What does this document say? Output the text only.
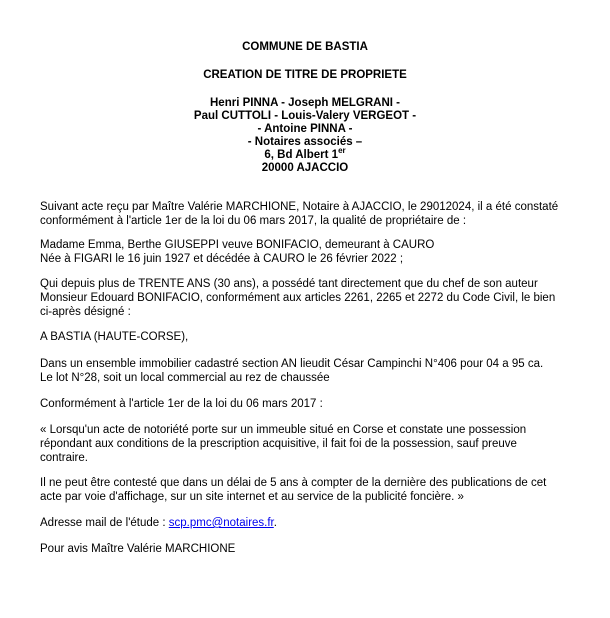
COMMUNE DE BASTIA
CREATION DE TITRE DE PROPRIETE
Henri PINNA - Joseph MELGRANI -
Paul CUTTOLI - Louis-Valery VERGEOT -
- Antoine PINNA -
- Notaires associés –
6, Bd Albert 1er
20000 AJACCIO
Suivant acte reçu par Maître Valérie MARCHIONE, Notaire à AJACCIO, le 29012024, il a été constaté
conformément à l'article 1er de la loi du 06 mars 2017, la qualité de propriétaire de :
Madame Emma, Berthe GIUSEPPI veuve BONIFACIO, demeurant à CAURO
Née à FIGARI le 16 juin 1927 et décédée à CAURO le 26 février 2022 ;
Qui depuis plus de TRENTE ANS (30 ans), a possédé tant directement que du chef de son auteur
Monsieur Edouard BONIFACIO, conformément aux articles 2261, 2265 et 2272 du Code Civil, le bien
ci-après désigné :
A BASTIA (HAUTE-CORSE),
Dans un ensemble immobilier cadastré section AN lieudit César Campinchi N°406 pour 04 a 95 ca.
Le lot N°28, soit un local commercial au rez de chaussée
Conformément à l'article 1er de la loi du 06 mars 2017 :
« Lorsqu'un acte de notoriété porte sur un immeuble situé en Corse et constate une possession
répondant aux conditions de la prescription acquisitive, il fait foi de la possession, sauf preuve
contraire.
Il ne peut être contesté que dans un délai de 5 ans à compter de la dernière des publications de cet
acte par voie d'affichage, sur un site internet et au service de la publicité foncière. »
Adresse mail de l'étude : scp.pmc@notaires.fr.
Pour avis Maître Valérie MARCHIONE
